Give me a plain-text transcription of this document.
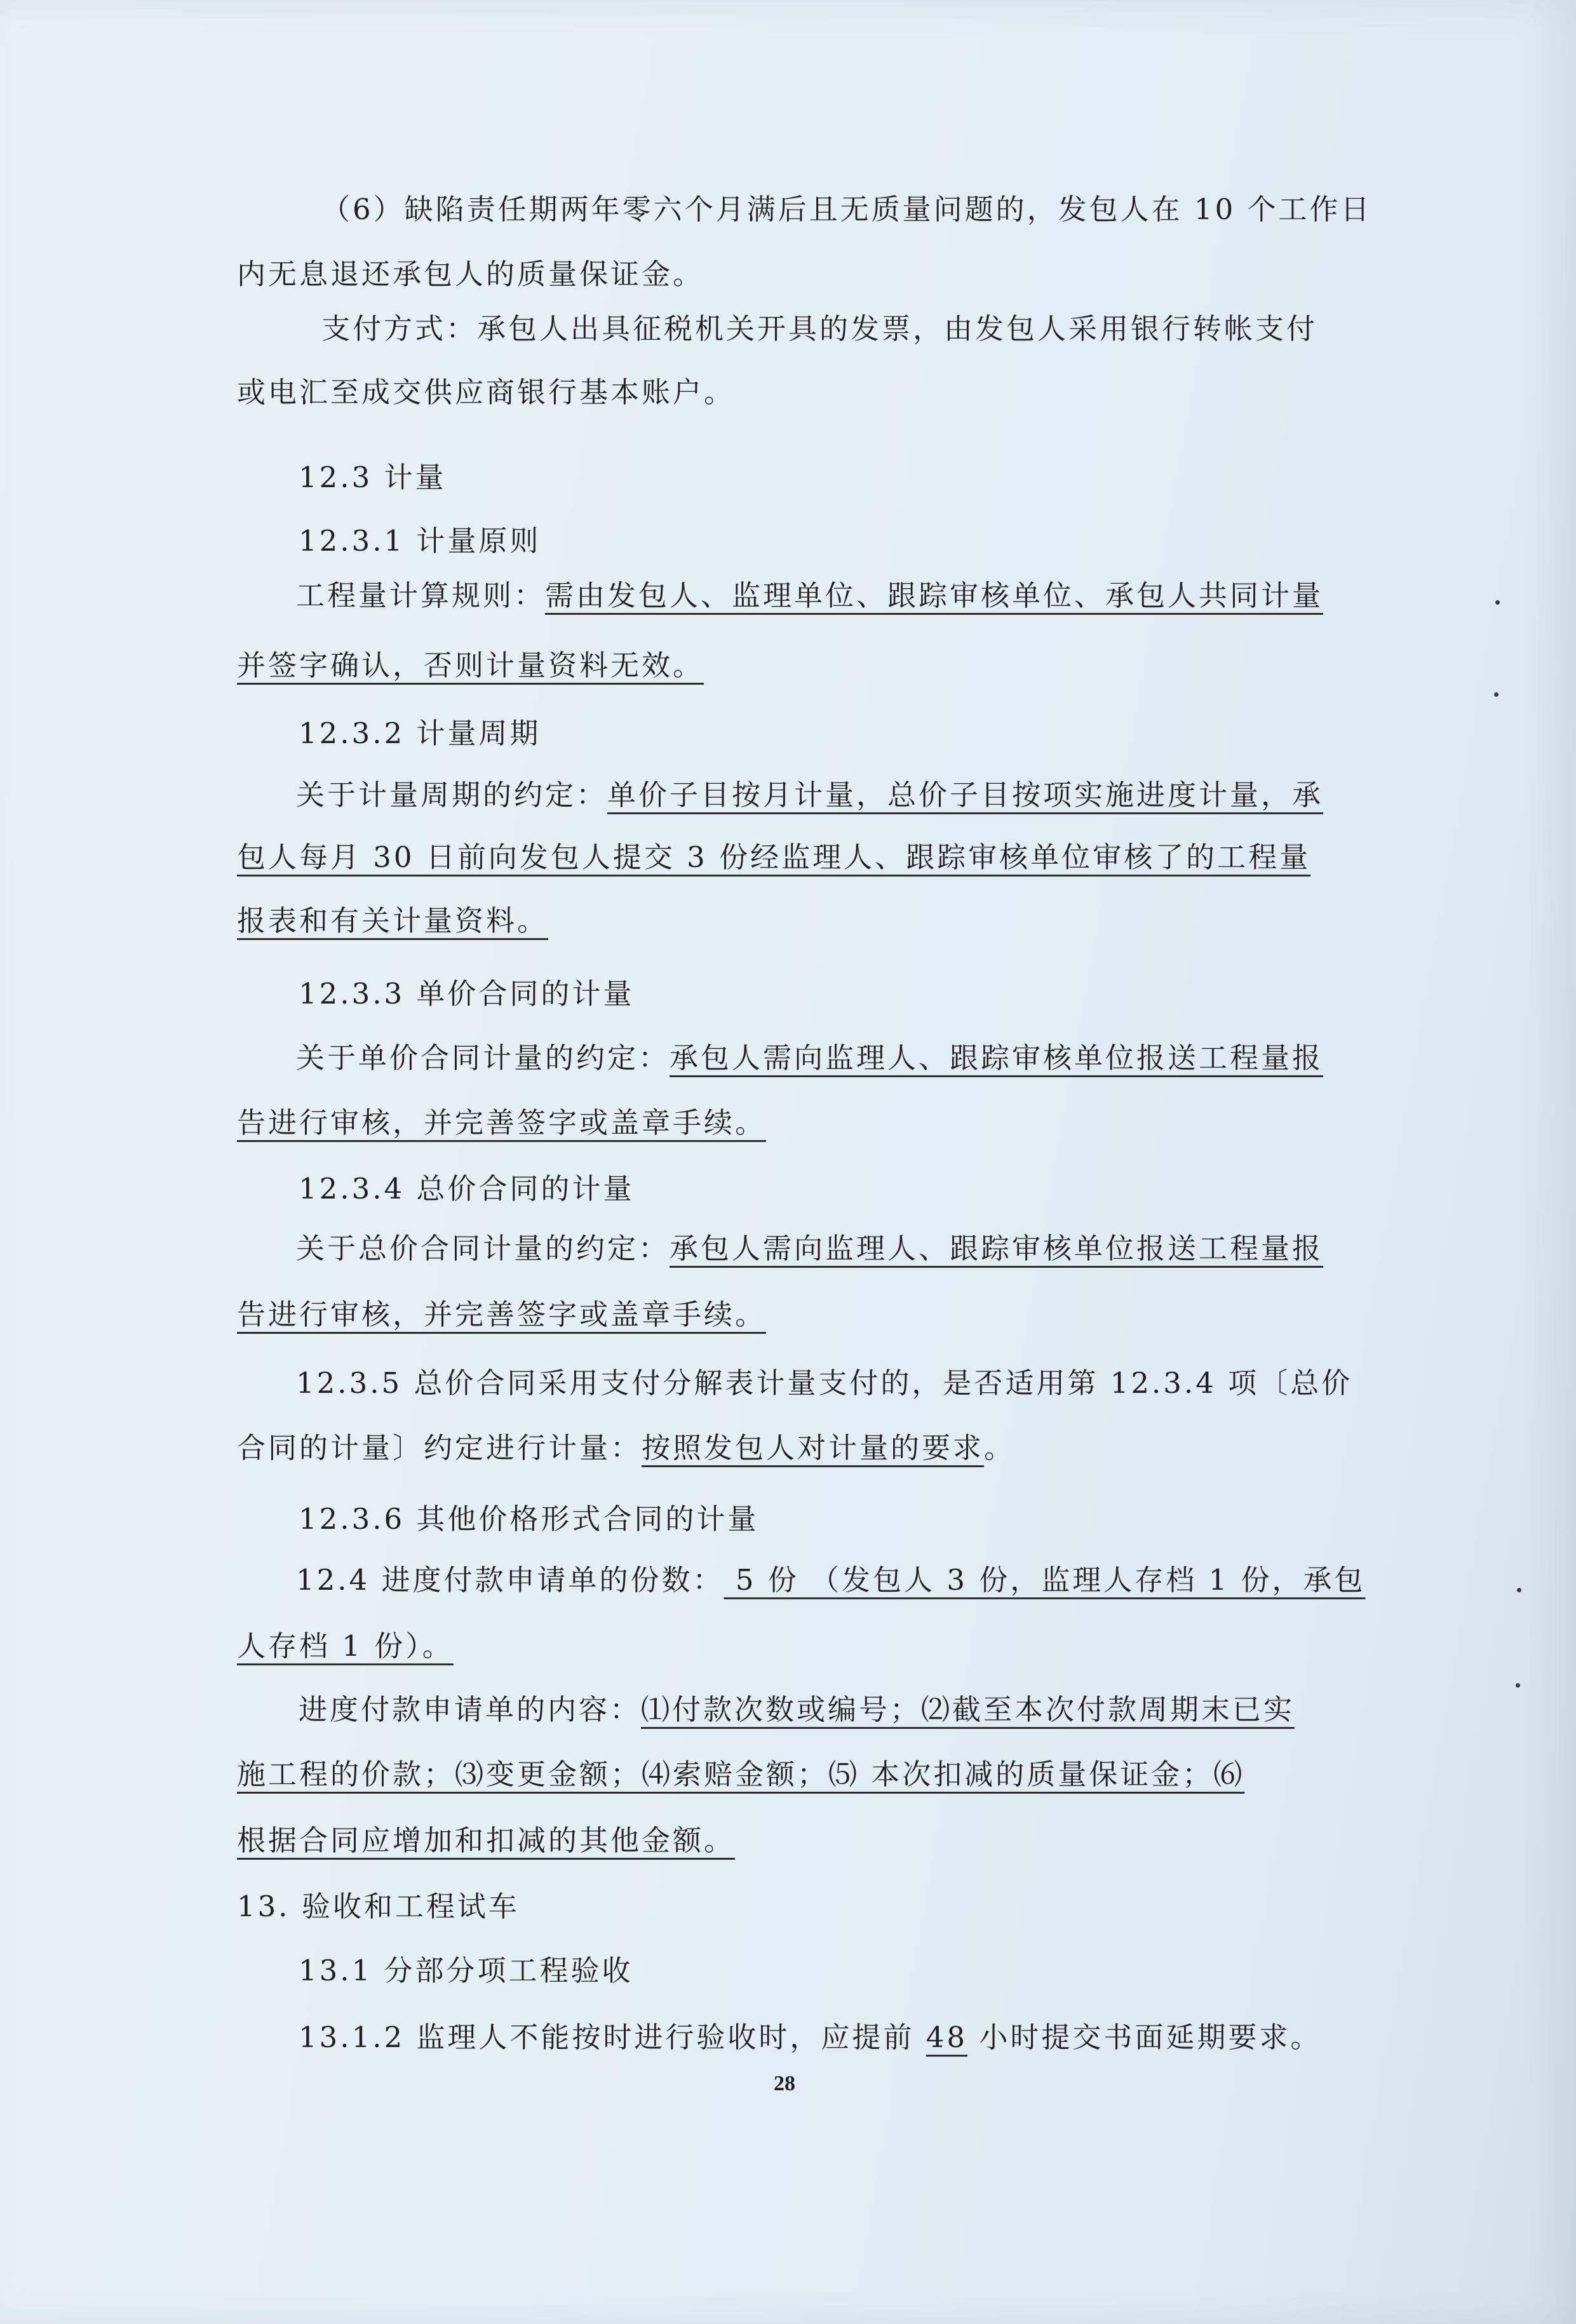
（6）缺陷责任期两年零六个月满后且无质量问题的，发包人在 10 个工作日
内无息退还承包人的质量保证金。
支付方式：承包人出具征税机关开具的发票，由发包人采用银行转帐支付
或电汇至成交供应商银行基本账户。
12.3 计量
12.3.1 计量原则
工程量计算规则：需由发包人、监理单位、跟踪审核单位、承包人共同计量
并签字确认，否则计量资料无效。
12.3.2 计量周期
关于计量周期的约定：单价子目按月计量，总价子目按项实施进度计量，承
包人每月 30 日前向发包人提交 3 份经监理人、跟踪审核单位审核了的工程量
报表和有关计量资料。
12.3.3 单价合同的计量
关于单价合同计量的约定：承包人需向监理人、跟踪审核单位报送工程量报
告进行审核，并完善签字或盖章手续。
12.3.4 总价合同的计量
关于总价合同计量的约定：承包人需向监理人、跟踪审核单位报送工程量报
告进行审核，并完善签字或盖章手续。
12.3.5 总价合同采用支付分解表计量支付的，是否适用第 12.3.4 项〔总价
合同的计量〕约定进行计量：按照发包人对计量的要求。
12.3.6 其他价格形式合同的计量
12.4 进度付款申请单的份数： 5 份 （发包人 3 份，监理人存档 1 份，承包
人存档 1 份）。
进度付款申请单的内容：⑴付款次数或编号；⑵截至本次付款周期末已实
施工程的价款；⑶变更金额；⑷索赔金额；⑸ 本次扣减的质量保证金；⑹
根据合同应增加和扣减的其他金额。
13. 验收和工程试车
13.1 分部分项工程验收
13.1.2 监理人不能按时进行验收时，应提前 48 小时提交书面延期要求。
28
